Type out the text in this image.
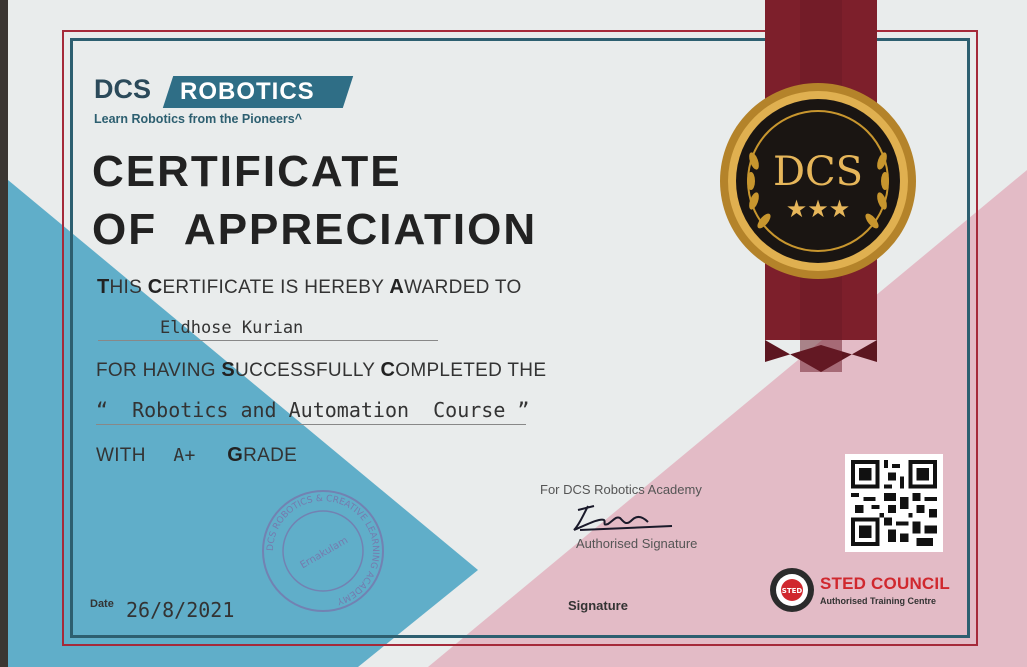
DCS ROBOTICS
Learn Robotics from the Pioneers^
CERTIFICATE
OF  APPRECIATION
THIS CERTIFICATE IS HEREBY AWARDED TO
Eldhose Kurian
FOR HAVING SUCCESSFULLY COMPLETED THE
“ Robotics and Automation  Course ”
WITH A+ GRADE
DCS
★★★
DCS ROBOTICS & CREATIVE LEARNING ACADEMY
Ernakulam
For DCS Robotics Academy
Authorised Signature
Signature
Date 26/8/2021
STED STED COUNCIL
Authorised Training Centre
